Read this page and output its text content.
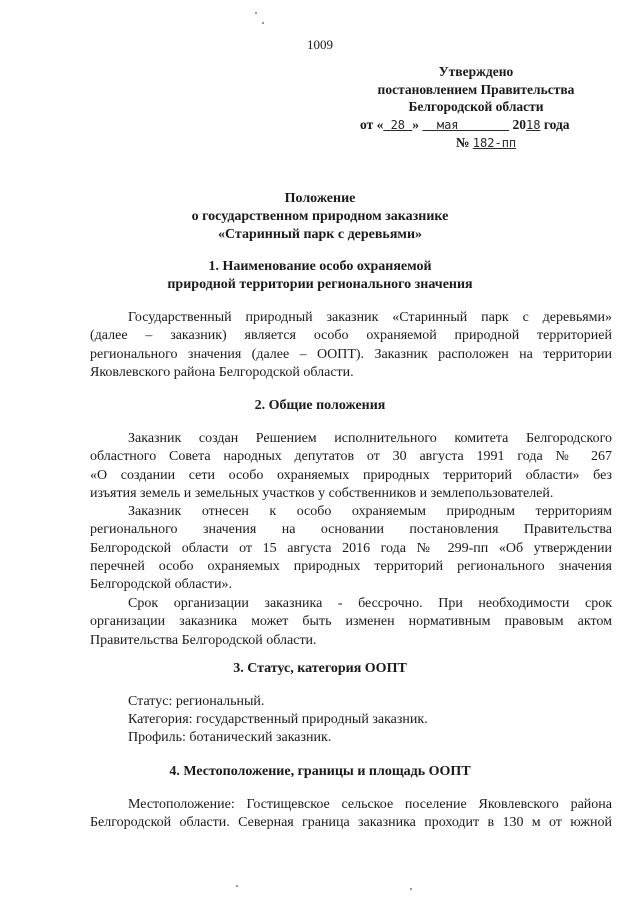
1009
Утверждено
постановлением Правительства
Белгородской области
от « 28 » мая	2018 года
№ 182-пп
Положение
о государственном природном заказнике
«Старинный парк с деревьями»
1. Наименование особо охраняемой
природной территории регионального значения
Государственный природный заказник «Старинный парк с деревьями»
(далее – заказник) является особо охраняемой природной территорией
регионального значения (далее – ООПТ). Заказник расположен на территории
Яковлевского района Белгородской области.
2. Общие положения
Заказник создан Решением исполнительного комитета Белгородского
областного Совета народных депутатов от 30 августа 1991 года № 267
«О создании сети особо охраняемых природных территорий области» без
изъятия земель и земельных участков у собственников и землепользователей.
Заказник отнесен к особо охраняемым природным территориям
регионального значения на основании постановления Правительства
Белгородской области от 15 августа 2016 года № 299-пп «Об утверждении
перечней особо охраняемых природных территорий регионального значения
Белгородской области».
Срок организации заказника - бессрочно. При необходимости срок
организации заказника может быть изменен нормативным правовым актом
Правительства Белгородской области.
3. Статус, категория ООПТ
Статус: региональный.
Категория: государственный природный заказник.
Профиль: ботанический заказник.
4. Местоположение, границы и площадь ООПТ
Местоположение: Гостищевское сельское поселение Яковлевского района
Белгородской области. Северная граница заказника проходит в 130 м от южной
